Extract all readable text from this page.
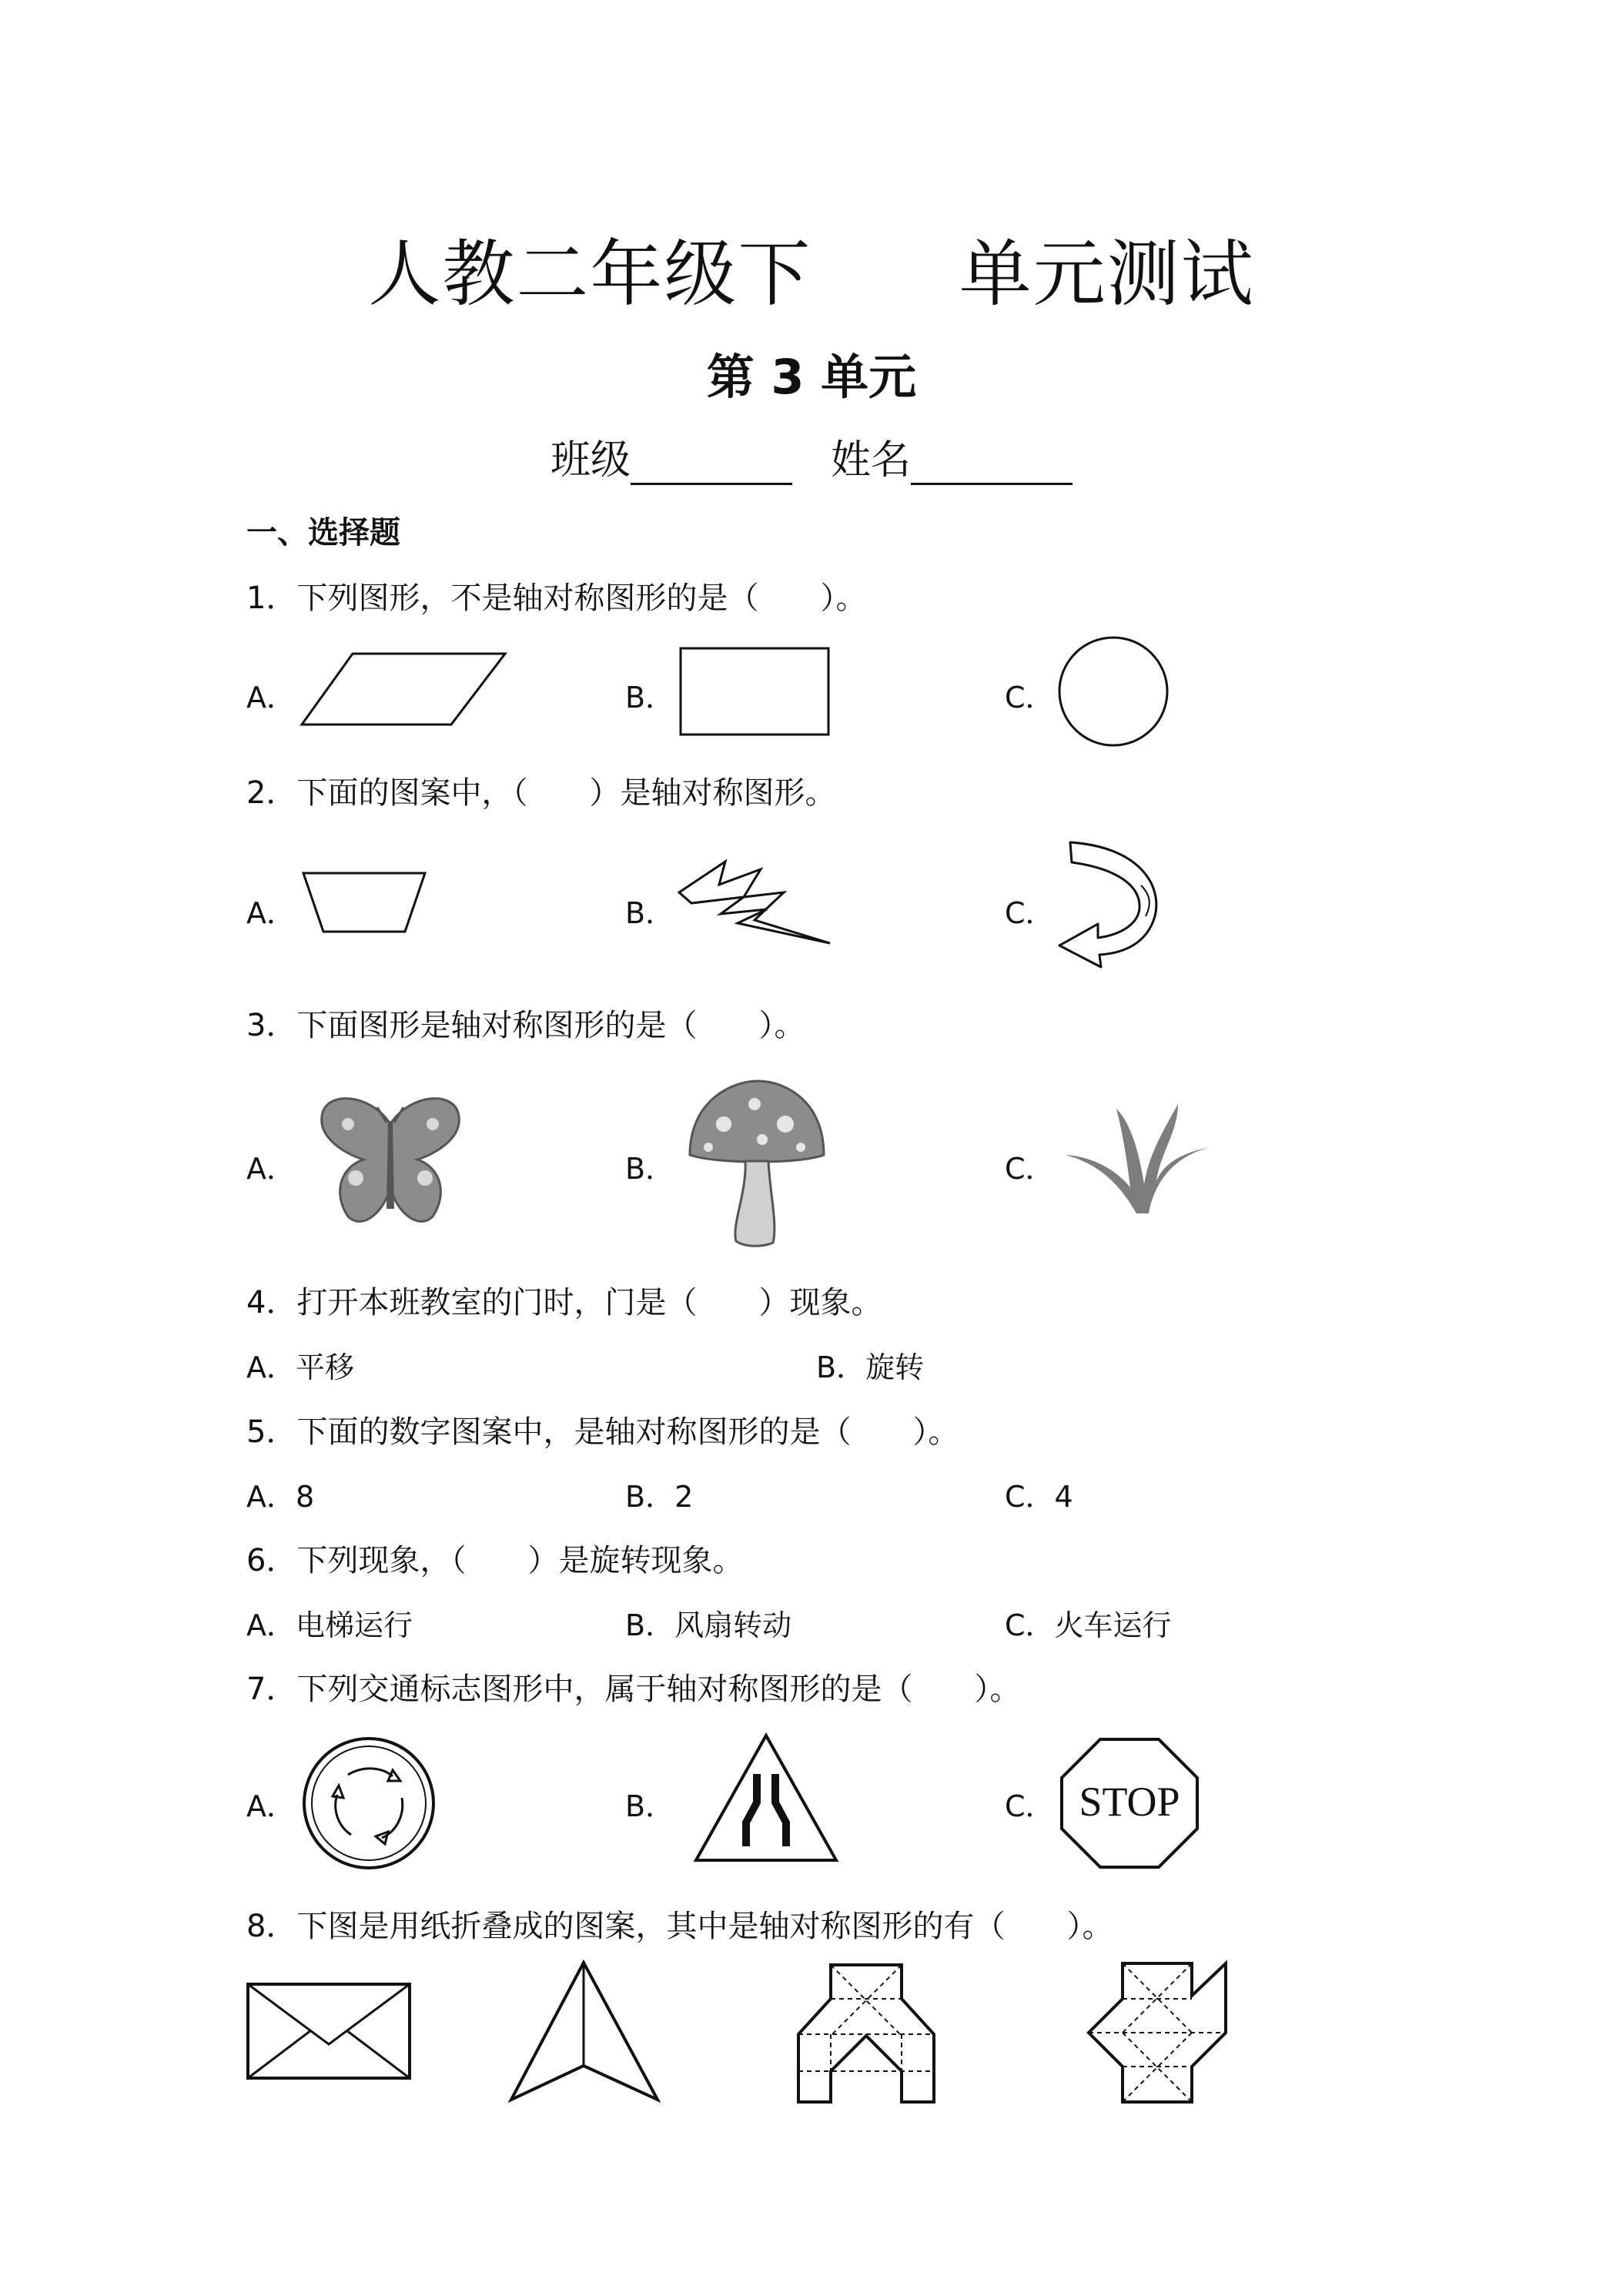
人教二年级下      单元测试
第 3 单元
班级	姓名
一、选择题
1．下列图形，不是轴对称图形的是（　　）。
A．	B．	C．
2．下面的图案中，（　　）是轴对称图形。
A．	B．	C．
3．下面图形是轴对称图形的是（　　）。
A．	B．	C．
4．打开本班教室的门时，门是（　　）现象。
A．平移	B．旋转
5．下面的数字图案中，是轴对称图形的是（　　）。
A．8	B．2	C．4
6．下列现象，（　　）是旋转现象。
A．电梯运行	B．风扇转动	C．火车运行
7．下列交通标志图形中，属于轴对称图形的是（　　）。
A．	B．	C． STOP
8．下图是用纸折叠成的图案，其中是轴对称图形的有（　　）。
